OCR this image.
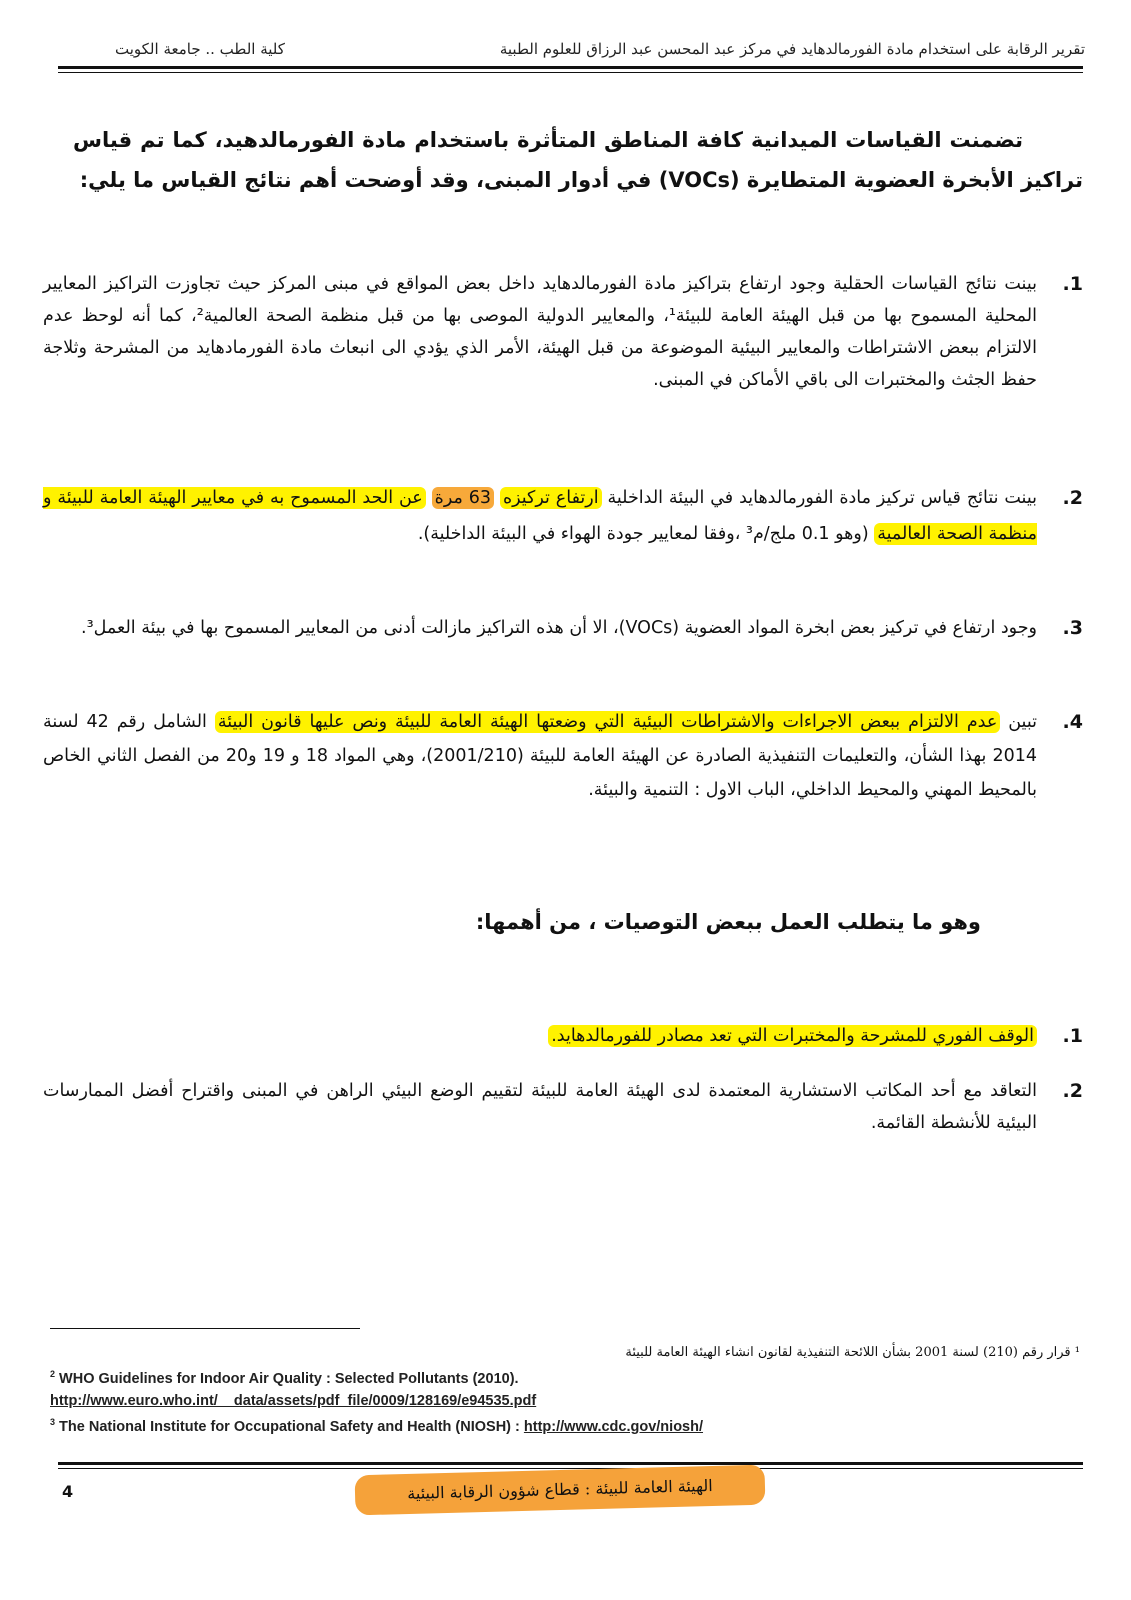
تقرير الرقابة على استخدام مادة الفورمالدهايد في مركز عبد المحسن عبد الرزاق للعلوم الطبية
كلية الطب .. جامعة الكويت

تضمنت القياسات الميدانية كافة المناطق المتأثرة باستخدام مادة الفورمالدهيد، كما تم قياس تراكيز الأبخرة العضوية المتطايرة (VOCs) في أدوار المبنى، وقد أوضحت أهم نتائج القياس ما يلي:

1.
بينت نتائج القياسات الحقلية وجود ارتفاع بتراكيز مادة الفورمالدهايد داخل بعض المواقع في مبنى المركز حيث تجاوزت التراكيز المعايير المحلية المسموح بها من قبل الهيئة العامة للبيئة¹، والمعايير الدولية الموصى بها من قبل منظمة الصحة العالمية²، كما أنه لوحظ عدم الالتزام ببعض الاشتراطات والمعايير البيئية الموضوعة من قبل الهيئة، الأمر الذي يؤدي الى انبعاث مادة الفورمادهايد من المشرحة وثلاجة حفظ الجثث والمختبرات الى باقي الأماكن في المبنى.
2.
بينت نتائج قياس تركيز مادة الفورمالدهايد في البيئة الداخلية ارتفاع تركيزه 63 مرة عن الحد المسموح به في معايير الهيئة العامة للبيئة و منظمة الصحة العالمية (وهو 0.1 ملج/م³ ،وفقا لمعايير جودة الهواء في البيئة الداخلية).
3.
وجود ارتفاع في تركيز بعض ابخرة المواد العضوية (VOCs)، الا أن هذه التراكيز مازالت أدنى من المعايير المسموح بها في بيئة العمل³.
4.
تبين عدم الالتزام ببعض الاجراءات والاشتراطات البيئية التي وضعتها الهيئة العامة للبيئة ونص عليها قانون البيئة الشامل رقم 42 لسنة 2014 بهذا الشأن، والتعليمات التنفيذية الصادرة عن الهيئة العامة للبيئة (2001/210)، وهي المواد 18 و 19 و20 من الفصل الثاني الخاص بالمحيط المهني والمحيط الداخلي، الباب الاول : التنمية والبيئة.
وهو ما يتطلب العمل ببعض التوصيات ، من أهمها:
1.
الوقف الفوري للمشرحة والمختبرات التي تعد مصادر للفورمالدهايد.
2.
التعاقد مع أحد المكاتب الاستشارية المعتمدة لدى الهيئة العامة للبيئة لتقييم الوضع البيئي الراهن في المبنى واقتراح أفضل الممارسات البيئية للأنشطة القائمة.
¹ قرار رقم (210) لسنة 2001 بشأن اللائحة التنفيذية لقانون انشاء الهيئة العامة للبيئة
$^2$ WHO Guidelines for Indoor Air Quality : Selected Pollutants (2010).
http://www.euro.who.int/__data/assets/pdf_file/0009/128169/e94535.pdf
$^3$ The National Institute for Occupational Safety and Health (NIOSH) : http://www.cdc.gov/niosh/
4	الهيئة العامة للبيئة : قطاع شؤون الرقابة البيئية
